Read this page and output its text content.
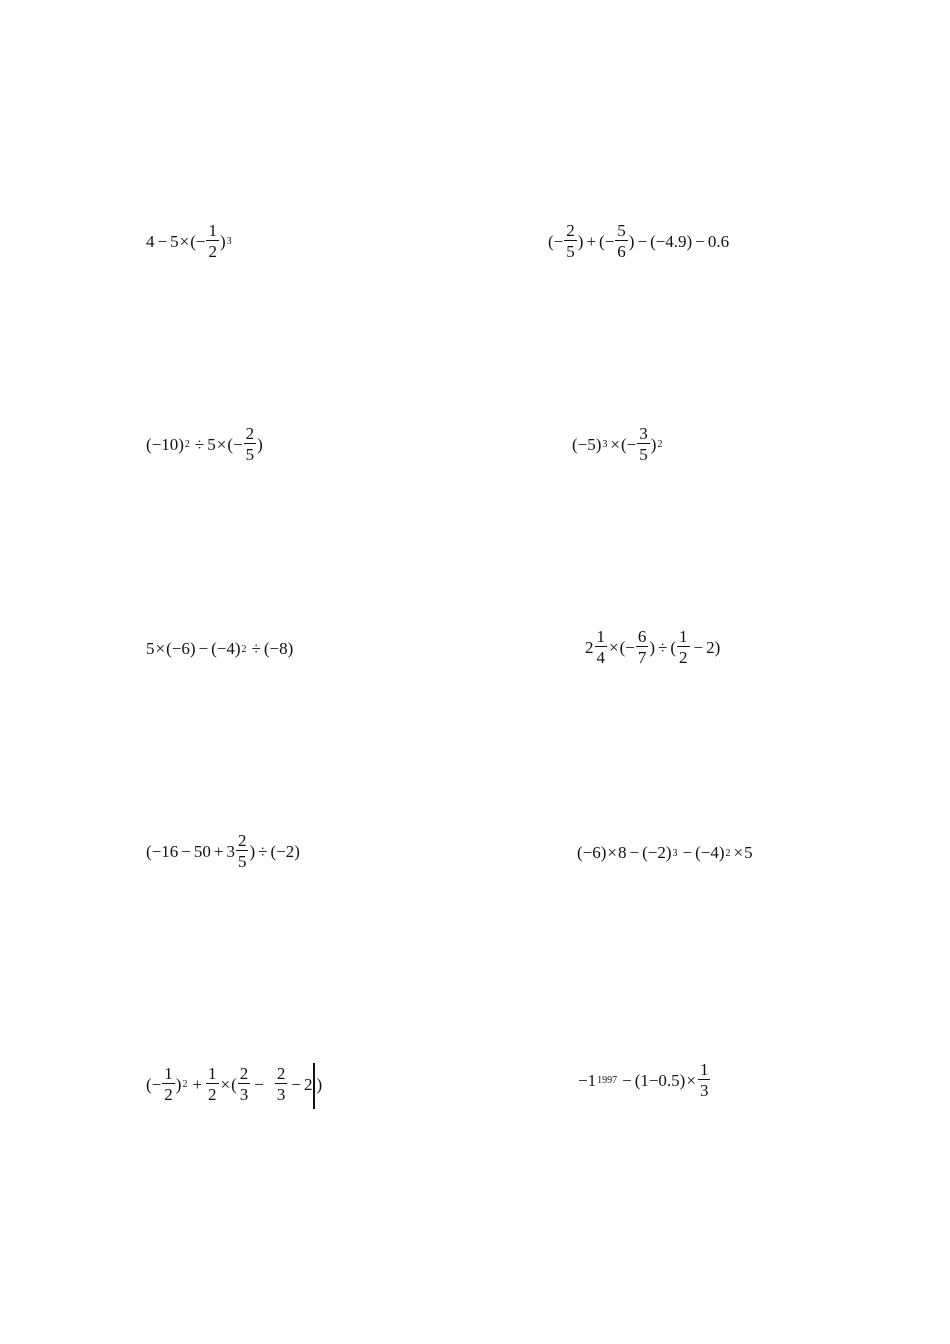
4 − 5 × ( − $\frac{1}{2}$ ) 3	( − $\frac{2}{5}$ ) + ( − $\frac{5}{6}$ ) − (−4.9) − 0.6
(−10) 2 ÷ 5 × ( − $\frac{2}{5}$ )	(−5) 3 × ( − $\frac{3}{5}$ ) 2
5 × (−6) − (−4) 2 ÷ (−8)	$2 \frac{1}{4}$ × ( − $\frac{6}{7}$ ) ÷ ( $\frac{1}{2} - 2$ )
( $-16 - 50 + 3 \frac{2}{5}$ ) ÷ (−2)	(−6) × 8 − (−2) 3 − (−4) 2 × 5
( − $\frac{1}{2}$ ) $2 + \frac{1}{2}$ × ( $\frac{2}{3} - \frac{2}{3} - 2$ )	− 1 $1997 - (1-0.5) \times \frac{1}{3}$
